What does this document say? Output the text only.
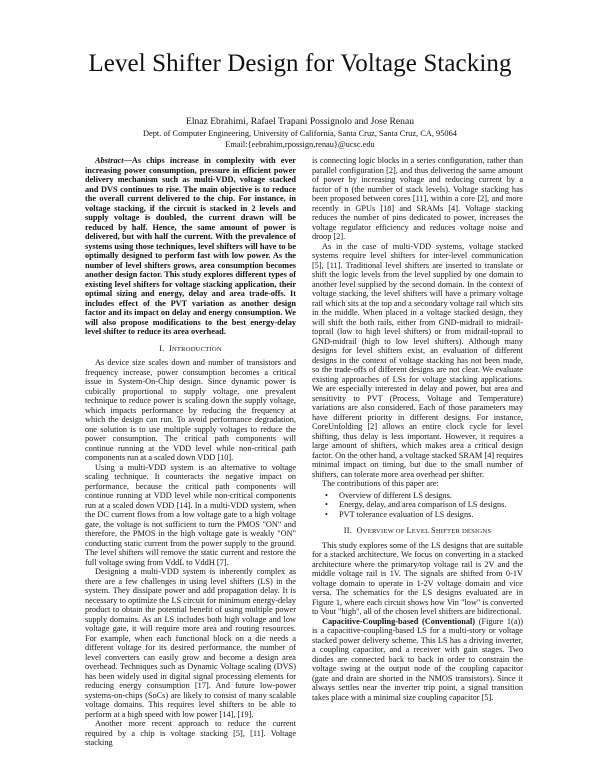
Level Shifter Design for Voltage Stacking
Elnaz Ebrahimi, Rafael Trapani Possignolo and Jose Renau
Dept. of Computer Engineering, University of California, Santa Cruz, Santa Cruz, CA, 95064
Email:{eebrahim,rpossign,renau}@ucsc.edu

Abstract—As chips increase in complexity with ever increasing power consumption, pressure in efficient power delivery mechanism such as multi-VDD, voltage stacked and DVS continues to rise. The main objective is to reduce the overall current delivered to the chip. For instance, in voltage stacking, if the circuit is stacked in 2 levels and supply voltage is doubled, the current drawn will be reduced by half. Hence, the same amount of power is delivered, but with half the current. With the prevalence of systems using those techniques, level shifters will have to be optimally designed to perform fast with low power. As the number of level shifters grows, area consumption becomes another design factor. This study explores different types of existing level shifters for voltage stacking application, their optimal sizing and energy, delay and area trade-offs. It includes effect of the PVT variation as another design factor and its impact on delay and energy consumption. We will also propose modifications to the best energy-delay level shifter to reduce its area overhead.

I. INTRODUCTION

As device size scales down and number of transistors and frequency increase, power consumption becomes a critical issue in System-On-Chip design. Since dynamic power is cubically proportional to supply voltage, one prevalent technique to reduce power is scaling down the supply voltage, which impacts performance by reducing the frequency at which the design can run. To avoid performance degradation, one solution is to use multiple supply voltages to reduce the power consumption. The critical path components will continue running at the VDD level while non-critical path components run at a scaled down VDD [10].

Using a multi-VDD system is an alternative to voltage scaling technique. It counteracts the negative impact on performance, because the critical path components will continue running at VDD level while non-critical components run at a scaled down VDD [14]. In a multi-VDD system, when the DC current flows from a low voltage gate to a high voltage gate, the voltage is not sufficient to turn the PMOS "ON" and therefore, the PMOS in the high voltage gate is weakly "ON" conducting static current from the power supply to the ground. The level shifters will remove the static current and restore the full voltage swing from VddL to VddH [7].

Designing a multi-VDD system is inherently complex as there are a few challenges in using level shifters (LS) in the system. They dissipate power and add propagation delay. It is necessary to optimize the LS circuit for minimum energy-delay product to obtain the potential benefit of using multiple power supply domains. As an LS includes both high voltage and low voltage gate, it will require more area and routing resources. For example, when each functional block on a die needs a different voltage for its desired performance, the number of level converters can easily grow and become a design area overhead. Techniques such as Dynamic Voltage scaling (DVS) has been widely used in digital signal processing elements for reducing energy consumption [17]. And future low-power systems-on-chips (SoCs) are likely to consist of many scalable voltage domains. This requires level shifters to be able to perform at a high speed with low power [14], [19].

Another more recent approach to reduce the current required by a chip is voltage stacking [5], [11]. Voltage stacking

is connecting logic blocks in a series configuration, rather than parallel configuration [2], and thus delivering the same amount of power by increasing voltage and reducing current by a factor of n (the number of stack levels). Voltage stacking has been proposed between cores [11], within a core [2], and more recently in GPUs [18] and SRAMs [4]. Voltage stacking reduces the number of pins dedicated to power, increases the voltage regulator efficiency and reduces voltage noise and droop [2].

As in the case of multi-VDD systems, voltage stacked systems require level shifters for inter-level communication [5], [11]. Traditional level shifters are inserted to translate or shift the logic levels from the level supplied by one domain to another level supplied by the second domain. In the context of voltage stacking, the level shifters will have a primary voltage rail which sits at the top and a secondary voltage rail which sits in the middle. When placed in a voltage stacked design, they will shift the both rails, either from GND-midrail to midrail-toprail (low to high level shifters) or from midrail-toprail to GND-midrail (high to low level shifters). Although many designs for level shifters exist, an evaluation of different designs in the context of voltage stacking has not been made, so the trade-offs of different designs are not clear. We evaluate existing approaches of LSs for voltage stacking applications. We are especially interested in delay and power, but area and sensitivity to PVT (Process, Voltage and Temperature) variations are also considered. Each of those parameters may have different priority in different designs. For instance, CoreUnfolding [2] allows an entire clock cycle for level shifting, thus delay is less important. However, it requires a large amount of shifters, which makes area a critical design factor. On the other hand, a voltage stacked SRAM [4] requires minimal impact on timing, but due to the small number of shifters, can tolerate more area overhead per shifter.

The contributions of this paper are:

• Overview of different LS designs.
• Energy, delay, and area comparison of LS designs.
• PVT tolerance evaluation of LS designs.
II. OVERVIEW OF LEVEL SHIFTER DESIGNS

This study explores some of the LS designs that are suitable for a stacked architecture. We focus on converting in a stacked architecture where the primary/top voltage rail is 2V and the middle voltage rail is 1V. The signals are shifted from 0-1V voltage domain to operate in 1-2V voltage domain and vice versa. The schematics for the LS designs evaluated are in Figure 1, where each circuit shows how Vin "low" is converted to Vout "high", all of the chosen level shifters are bidirectional.

Capacitive-Coupling-based (Conventional) (Figure 1(a)) is a capacitive-coupling-based LS for a multi-story or voltage stacked power delivery scheme. This LS has a driving inverter, a coupling capacitor, and a receiver with gain stages. Two diodes are connected back to back in order to constrain the voltage swing at the output node of the coupling capacitor (gate and drain are shorted in the NMOS transistors). Since it always settles near the inverter trip point, a signal transition takes place with a minimal size coupling capacitor [5].
